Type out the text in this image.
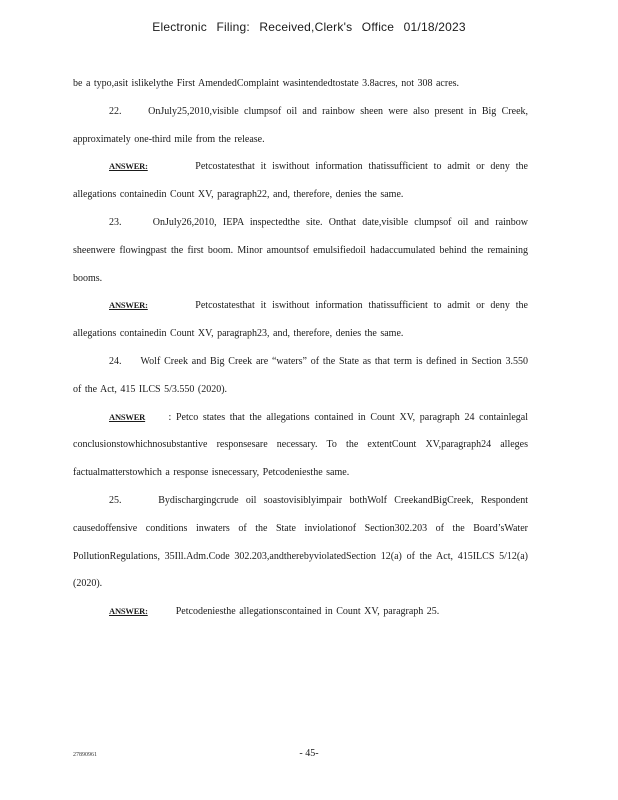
Electronic Filing: Received,Clerk's Office 01/18/2023

be a typo,asit islikelythe First AmendedComplaint wasintendedtostate 3.8acres, not 308 acres.

22.	OnJuly25,2010,visible clumpsof oil and rainbow sheen were also present in Big Creek, approximately one-third mile from the release.

ANSWER:	Petcostatesthat it iswithout information thatissufficient to admit or deny the allegations containedin Count XV, paragraph22, and, therefore, denies the same.

23.	OnJuly26,2010, IEPA inspectedthe site. Onthat date,visible clumpsof oil and rainbow sheenwere flowingpast the first boom. Minor amountsof emulsifiedoil hadaccumulated behind the remaining booms.

ANSWER:	Petcostatesthat it iswithout information thatissufficient to admit or deny the allegations containedin Count XV, paragraph23, and, therefore, denies the same.

24. Wolf Creek and Big Creek are “waters” of the State as that term is defined in Section 3.550 of the Act, 415 ILCS 5/3.550 (2020).

ANSWER : Petco states that the allegations contained in Count XV, paragraph 24 containlegal conclusionstowhichnosubstantive responsesare necessary. To the extentCount XV,paragraph24 alleges factualmatterstowhich a response isnecessary, Petcodeniesthe same.

25.	Bydischargingcrude oil soastovisiblyimpair bothWolf CreekandBigCreek, Respondent causedoffensive conditions inwaters of the State inviolationof Section302.203 of the Board’sWater PollutionRegulations, 35Ill.Adm.Code 302.203,andtherebyviolatedSection 12(a) of the Act, 415ILCS 5/12(a) (2020).

ANSWER:	Petcodeniesthe allegationscontained in Count XV, paragraph 25.

27890961	- 45-
